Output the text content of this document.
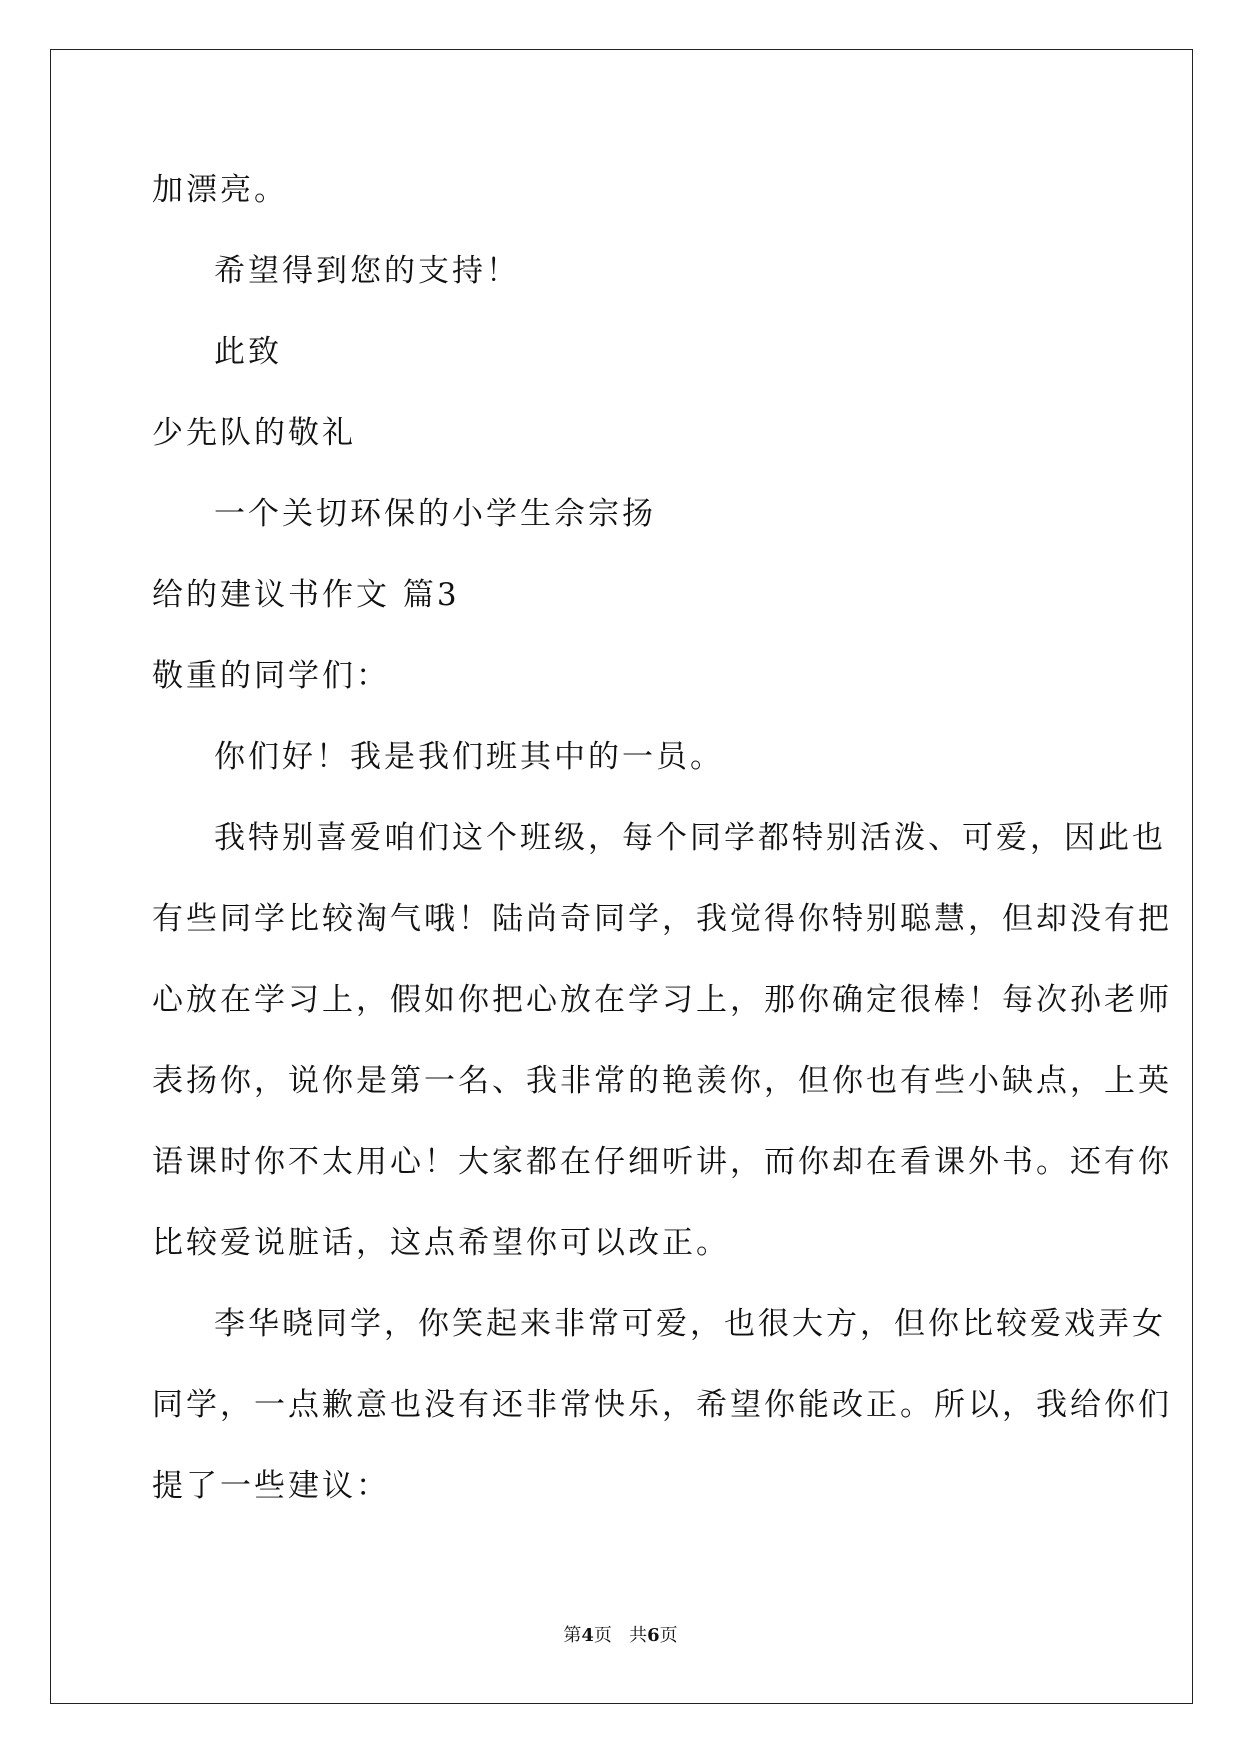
加漂亮。
希望得到您的支持！
此致
少先队的敬礼
一个关切环保的小学生佘宗扬
给的建议书作文 篇3
敬重的同学们：
你们好！我是我们班其中的一员。
我特别喜爱咱们这个班级，每个同学都特别活泼、可爱，因此也
有些同学比较淘气哦！陆尚奇同学，我觉得你特别聪慧，但却没有把
心放在学习上，假如你把心放在学习上，那你确定很棒！每次孙老师
表扬你，说你是第一名、我非常的艳羡你，但你也有些小缺点，上英
语课时你不太用心！大家都在仔细听讲，而你却在看课外书。还有你
比较爱说脏话，这点希望你可以改正。
李华晓同学，你笑起来非常可爱，也很大方，但你比较爱戏弄女
同学，一点歉意也没有还非常快乐，希望你能改正。所以，我给你们
提了一些建议：
第4页 共6页
